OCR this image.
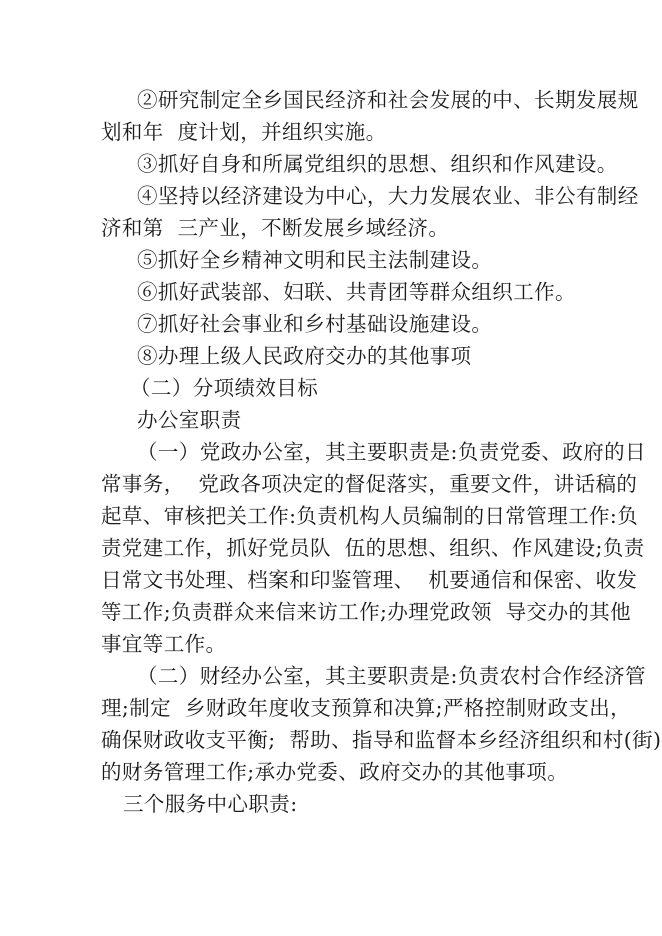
②研究制定全乡国民经济和社会发展的中、长期发展规
划和年  度计划，并组织实施。
③抓好自身和所属党组织的思想、组织和作风建设。
④坚持以经济建设为中心，大力发展农业、非公有制经
济和第  三产业，不断发展乡域经济。
⑤抓好全乡精神文明和民主法制建设。
⑥抓好武装部、妇联、共青团等群众组织工作。
⑦抓好社会事业和乡村基础设施建设。
⑧办理上级人民政府交办的其他事项
（二）分项绩效目标
办公室职责
（一）党政办公室，其主要职责是:负责党委、政府的日
常事务，  党政各项决定的督促落实，重要文件，讲话稿的
起草、审核把关工作:负责机构人员编制的日常管理工作:负
责党建工作，抓好党员队  伍的思想、组织、作风建设;负责
日常文书处理、档案和印鉴管理、  机要通信和保密、收发
等工作;负责群众来信来访工作;办理党政领  导交办的其他
事宜等工作。
（二）财经办公室，其主要职责是:负责农村合作经济管
理;制定  乡财政年度收支预算和决算;严格控制财政支出，
确保财政收支平衡;  帮助、指导和监督本乡经济组织和村(街)
的财务管理工作;承办党委、政府交办的其他事项。
三个服务中心职责:
